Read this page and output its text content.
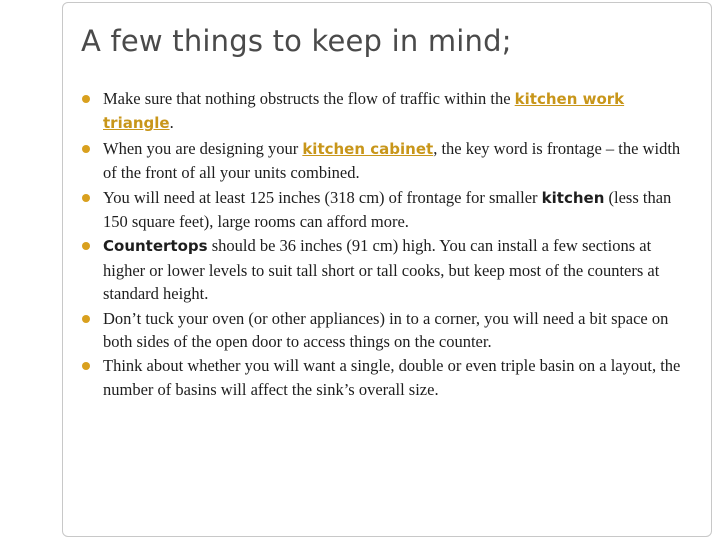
A few things to keep in mind;
Make sure that nothing obstructs the flow of traffic within the kitchen work triangle.
When you are designing your kitchen cabinet, the key word is frontage – the width of the front of all your units combined.
You will need at least 125 inches (318 cm) of frontage for smaller kitchen (less than 150 square feet), large rooms can afford more.
Countertops should be 36 inches (91 cm) high. You can install a few sections at higher or lower levels to suit tall short or tall cooks, but keep most of the counters at standard height.
Don’t tuck your oven (or other appliances) in to a corner, you will need a bit space on both sides of the open door to access things on the counter.
Think about whether you will want a single, double or even triple basin on a layout, the number of basins will affect the sink’s overall size.
